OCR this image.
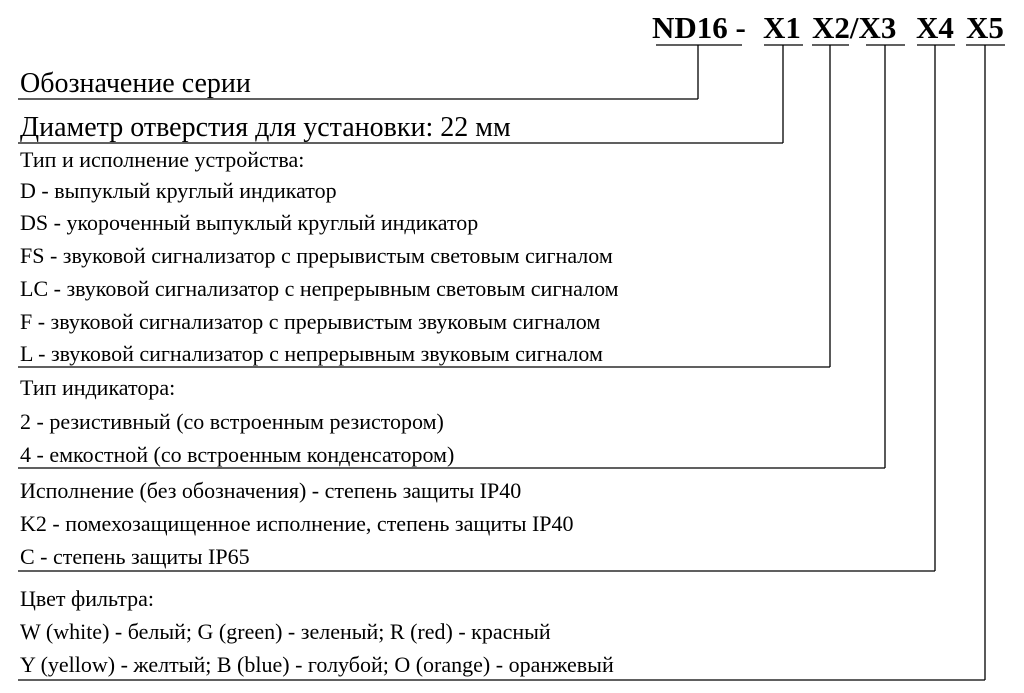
ND16 - X1 X2/X3 X4 X5
Обозначение серии
Диаметр отверстия для установки: 22 мм
Тип и исполнение устройства:
D - выпуклый круглый индикатор
DS - укороченный выпуклый круглый индикатор
FS - звуковой сигнализатор с прерывистым световым сигналом
LC - звуковой сигнализатор с непрерывным световым сигналом
F - звуковой сигнализатор с прерывистым звуковым сигналом
L - звуковой сигнализатор с непрерывным звуковым сигналом
Тип индикатора:
2 - резистивный (со встроенным резистором)
4 - емкостной (со встроенным конденсатором)
Исполнение (без обозначения) - степень защиты IP40
K2 - помехозащищенное исполнение, степень защиты IP40
C - степень защиты IP65
Цвет фильтра:
W (white) - белый; G (green) - зеленый; R (red) - красный
Y (yellow) - желтый; B (blue) - голубой; O (orange) - оранжевый
